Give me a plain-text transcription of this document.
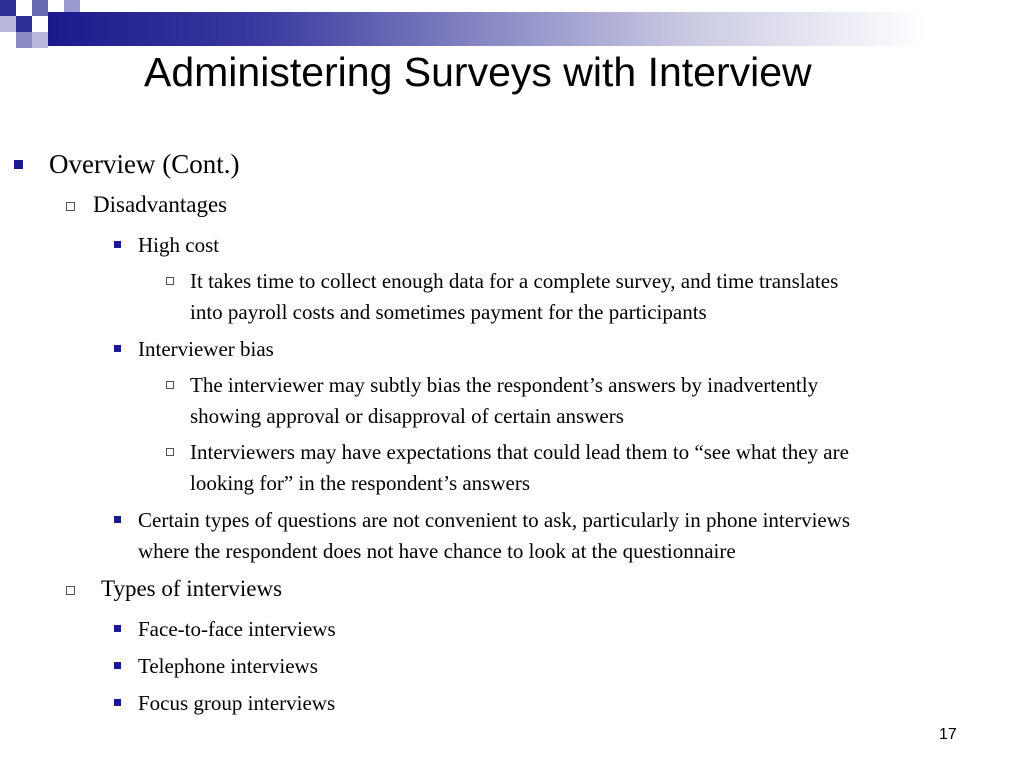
Administering Surveys with Interview
Overview (Cont.)
Disadvantages
High cost
It takes time to collect enough data for a complete survey, and time translates
into payroll costs and sometimes payment for the participants
Interviewer bias
The interviewer may subtly bias the respondent’s answers by inadvertently
showing approval or disapproval of certain answers
Interviewers may have expectations that could lead them to “see what they are
looking for” in the respondent’s answers
Certain types of questions are not convenient to ask, particularly in phone interviews
where the respondent does not have chance to look at the questionnaire
Types of interviews
Face-to-face interviews
Telephone interviews
Focus group interviews
17
